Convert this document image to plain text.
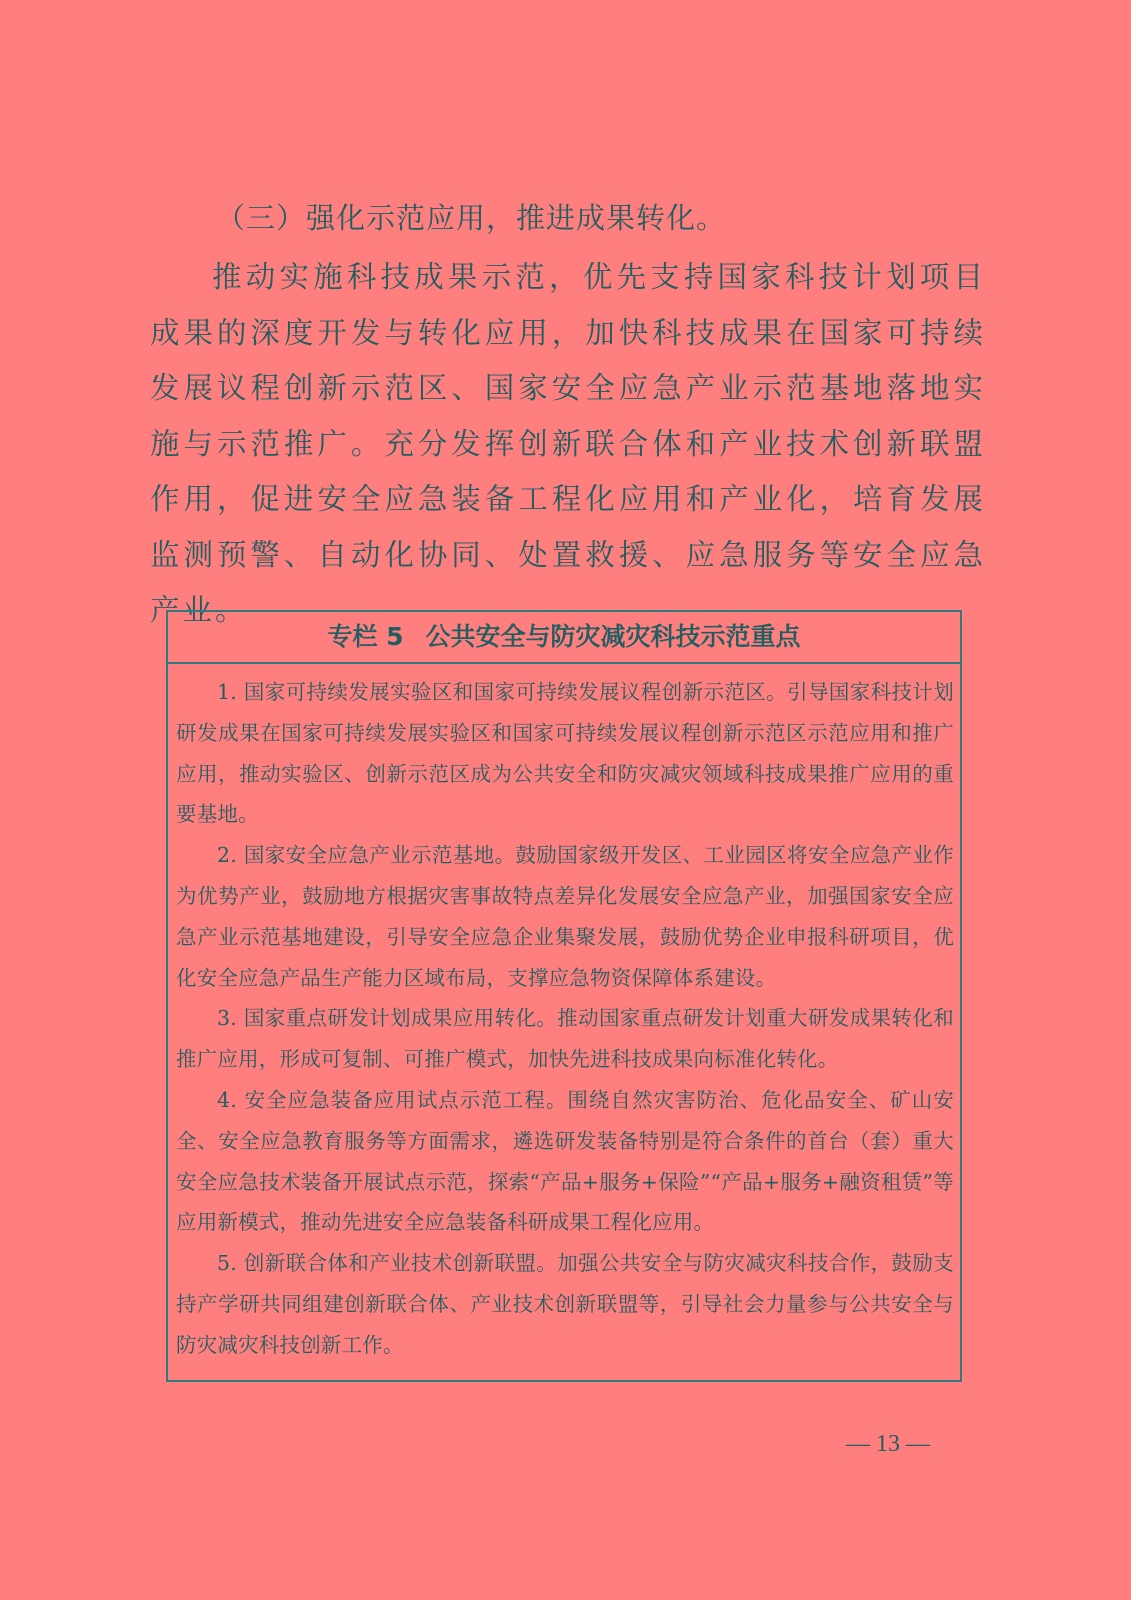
（三）强化示范应用，推进成果转化。

推动实施科技成果示范，优先支持国家科技计划项目成果的深度开发与转化应用，加快科技成果在国家可持续发展议程创新示范区、国家安全应急产业示范基地落地实施与示范推广。充分发挥创新联合体和产业技术创新联盟作用，促进安全应急装备工程化应用和产业化，培育发展监测预警、自动化协同、处置救援、应急服务等安全应急产业。

专栏 5 公共安全与防灾减灾科技示范重点

1. 国家可持续发展实验区和国家可持续发展议程创新示范区。引导国家科技计划研发成果在国家可持续发展实验区和国家可持续发展议程创新示范区示范应用和推广应用，推动实验区、创新示范区成为公共安全和防灾减灾领域科技成果推广应用的重要基地。

2. 国家安全应急产业示范基地。鼓励国家级开发区、工业园区将安全应急产业作为优势产业，鼓励地方根据灾害事故特点差异化发展安全应急产业，加强国家安全应急产业示范基地建设，引导安全应急企业集聚发展，鼓励优势企业申报科研项目，优化安全应急产品生产能力区域布局，支撑应急物资保障体系建设。

3. 国家重点研发计划成果应用转化。推动国家重点研发计划重大研发成果转化和推广应用，形成可复制、可推广模式，加快先进科技成果向标准化转化。

4. 安全应急装备应用试点示范工程。围绕自然灾害防治、危化品安全、矿山安全、安全应急教育服务等方面需求，遴选研发装备特别是符合条件的首台（套）重大安全应急技术装备开展试点示范，探索“产品+服务+保险”“产品+服务+融资租赁”等应用新模式，推动先进安全应急装备科研成果工程化应用。

5. 创新联合体和产业技术创新联盟。加强公共安全与防灾减灾科技合作，鼓励支持产学研共同组建创新联合体、产业技术创新联盟等，引导社会力量参与公共安全与防灾减灾科技创新工作。

— 13 —
